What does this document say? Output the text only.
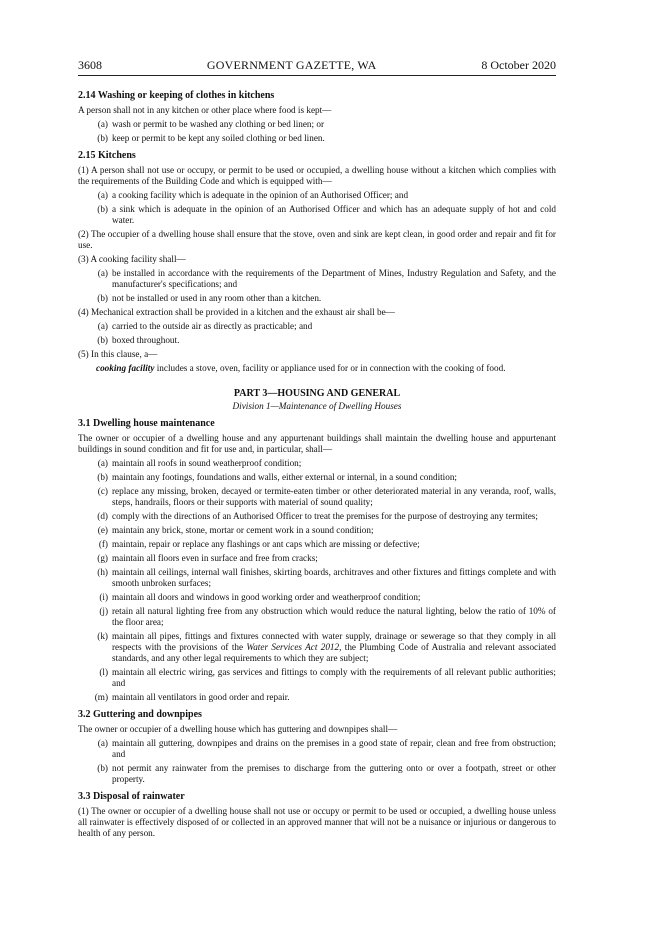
3608	GOVERNMENT GAZETTE, WA	8 October 2020
2.14 Washing or keeping of clothes in kitchens

A person shall not in any kitchen or other place where food is kept—

(a) wash or permit to be washed any clothing or bed linen; or
(b) keep or permit to be kept any soiled clothing or bed linen.
2.15 Kitchens

(1) A person shall not use or occupy, or permit to be used or occupied, a dwelling house without a kitchen which complies with the requirements of the Building Code and which is equipped with—

(a) a cooking facility which is adequate in the opinion of an Authorised Officer; and
(b) a sink which is adequate in the opinion of an Authorised Officer and which has an adequate supply of hot and cold water.

(2) The occupier of a dwelling house shall ensure that the stove, oven and sink are kept clean, in good order and repair and fit for use.

(3) A cooking facility shall—

(a) be installed in accordance with the requirements of the Department of Mines, Industry Regulation and Safety, and the manufacturer's specifications; and
(b) not be installed or used in any room other than a kitchen.

(4) Mechanical extraction shall be provided in a kitchen and the exhaust air shall be—

(a) carried to the outside air as directly as practicable; and
(b) boxed throughout.

(5) In this clause, a—

cooking facility includes a stove, oven, facility or appliance used for or in connection with the cooking of food.
PART 3—HOUSING AND GENERAL
Division 1—Maintenance of Dwelling Houses
3.1 Dwelling house maintenance

The owner or occupier of a dwelling house and any appurtenant buildings shall maintain the dwelling house and appurtenant buildings in sound condition and fit for use and, in particular, shall—

(a) maintain all roofs in sound weatherproof condition;
(b) maintain any footings, foundations and walls, either external or internal, in a sound condition;
(c) replace any missing, broken, decayed or termite-eaten timber or other deteriorated material in any veranda, roof, walls, steps, handrails, floors or their supports with material of sound quality;
(d) comply with the directions of an Authorised Officer to treat the premises for the purpose of destroying any termites;
(e) maintain any brick, stone, mortar or cement work in a sound condition;
(f) maintain, repair or replace any flashings or ant caps which are missing or defective;
(g) maintain all floors even in surface and free from cracks;
(h) maintain all ceilings, internal wall finishes, skirting boards, architraves and other fixtures and fittings complete and with smooth unbroken surfaces;
(i) maintain all doors and windows in good working order and weatherproof condition;
(j) retain all natural lighting free from any obstruction which would reduce the natural lighting, below the ratio of 10% of the floor area;
(k) maintain all pipes, fittings and fixtures connected with water supply, drainage or sewerage so that they comply in all respects with the provisions of the Water Services Act 2012, the Plumbing Code of Australia and relevant associated standards, and any other legal requirements to which they are subject;
(l) maintain all electric wiring, gas services and fittings to comply with the requirements of all relevant public authorities; and
(m) maintain all ventilators in good order and repair.
3.2 Guttering and downpipes

The owner or occupier of a dwelling house which has guttering and downpipes shall—

(a) maintain all guttering, downpipes and drains on the premises in a good state of repair, clean and free from obstruction; and
(b) not permit any rainwater from the premises to discharge from the guttering onto or over a footpath, street or other property.
3.3 Disposal of rainwater

(1) The owner or occupier of a dwelling house shall not use or occupy or permit to be used or occupied, a dwelling house unless all rainwater is effectively disposed of or collected in an approved manner that will not be a nuisance or injurious or dangerous to health of any person.
